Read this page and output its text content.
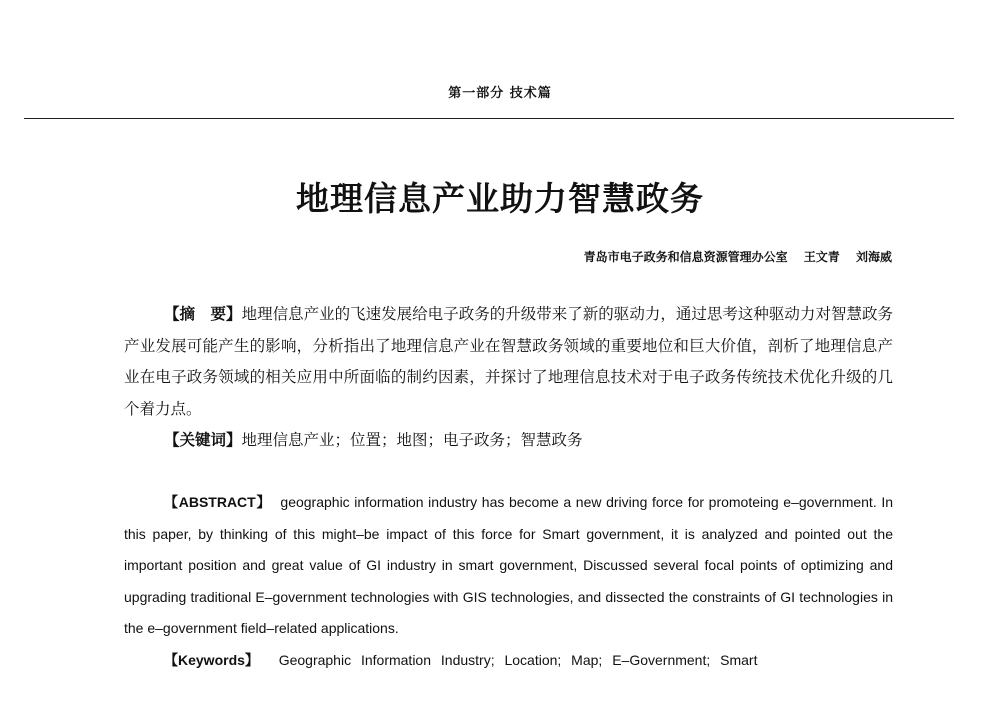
第一部分 技术篇
地理信息产业助力智慧政务
青岛市电子政务和信息资源管理办公室 王文青 刘海威

【摘　要】地理信息产业的飞速发展给电子政务的升级带来了新的驱动力，通过思考这种驱动力对智慧政务产业发展可能产生的影响，分析指出了地理信息产业在智慧政务领域的重要地位和巨大价值，剖析了地理信息产业在电子政务领域的相关应用中所面临的制约因素，并探讨了地理信息技术对于电子政务传统技术优化升级的几个着力点。

【关键词】地理信息产业；位置；地图；电子政务；智慧政务

【ABSTRACT】 geographic information industry has become a new driving force for promoteing e–government. In this paper, by thinking of this might–be impact of this force for Smart government, it is analyzed and pointed out the important position and great value of GI industry in smart government, Discussed several focal points of optimizing and upgrading traditional E–government technologies with GIS technologies, and dissected the constraints of GI technologies in the e–government field–related applications.

【Keywords】 Geographic Information Industry; Location; Map; E–Government; Smart
